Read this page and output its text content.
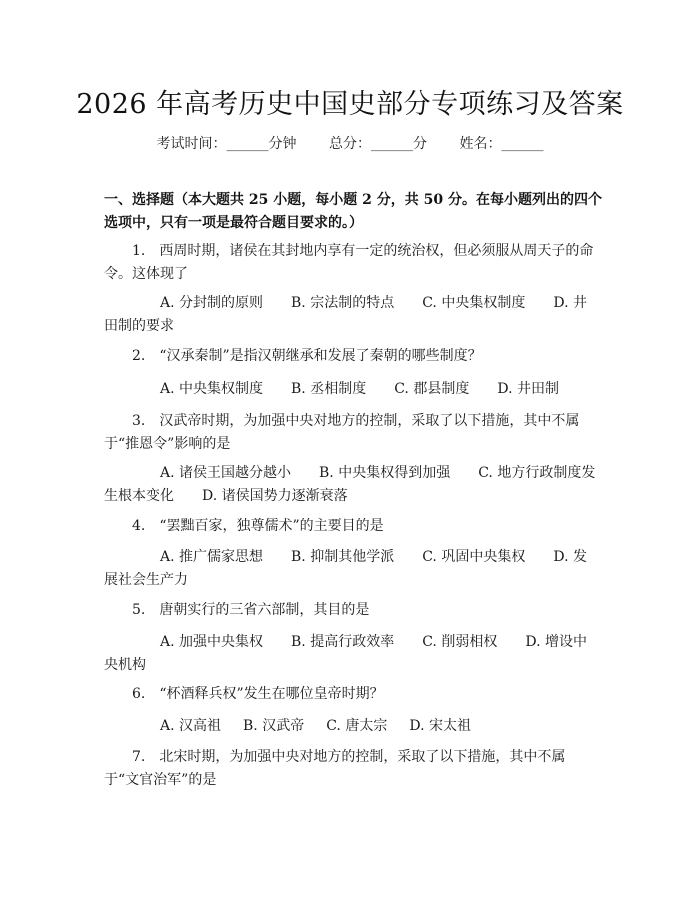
2026 年高考历史中国史部分专项练习及答案
考试时间：______分钟 总分：______分 姓名：______
一、选择题（本大题共 25 小题，每小题 2 分，共 50 分。在每小题列出的四个选项中，只有一项是最符合题目要求的。）
1.　西周时期，诸侯在其封地内享有一定的统治权，但必须服从周天子的命令。这体现了
A. 分封制的原则 B. 宗法制的特点 C. 中央集权制度 D. 井田制的要求
2.　“汉承秦制”是指汉朝继承和发展了秦朝的哪些制度？
A. 中央集权制度 B. 丞相制度 C. 郡县制度 D. 井田制
3.　汉武帝时期，为加强中央对地方的控制，采取了以下措施，其中不属于“推恩令”影响的是
A. 诸侯王国越分越小 B. 中央集权得到加强 C. 地方行政制度发生根本变化 D. 诸侯国势力逐渐衰落
4.　“罢黜百家，独尊儒术”的主要目的是
A. 推广儒家思想 B. 抑制其他学派 C. 巩固中央集权 D. 发展社会生产力
5.　唐朝实行的三省六部制，其目的是
A. 加强中央集权 B. 提高行政效率 C. 削弱相权 D. 增设中央机构
6.　“杯酒释兵权”发生在哪位皇帝时期？
A. 汉高祖 B. 汉武帝 C. 唐太宗 D. 宋太祖
7.　北宋时期，为加强中央对地方的控制，采取了以下措施，其中不属于“文官治军”的是
